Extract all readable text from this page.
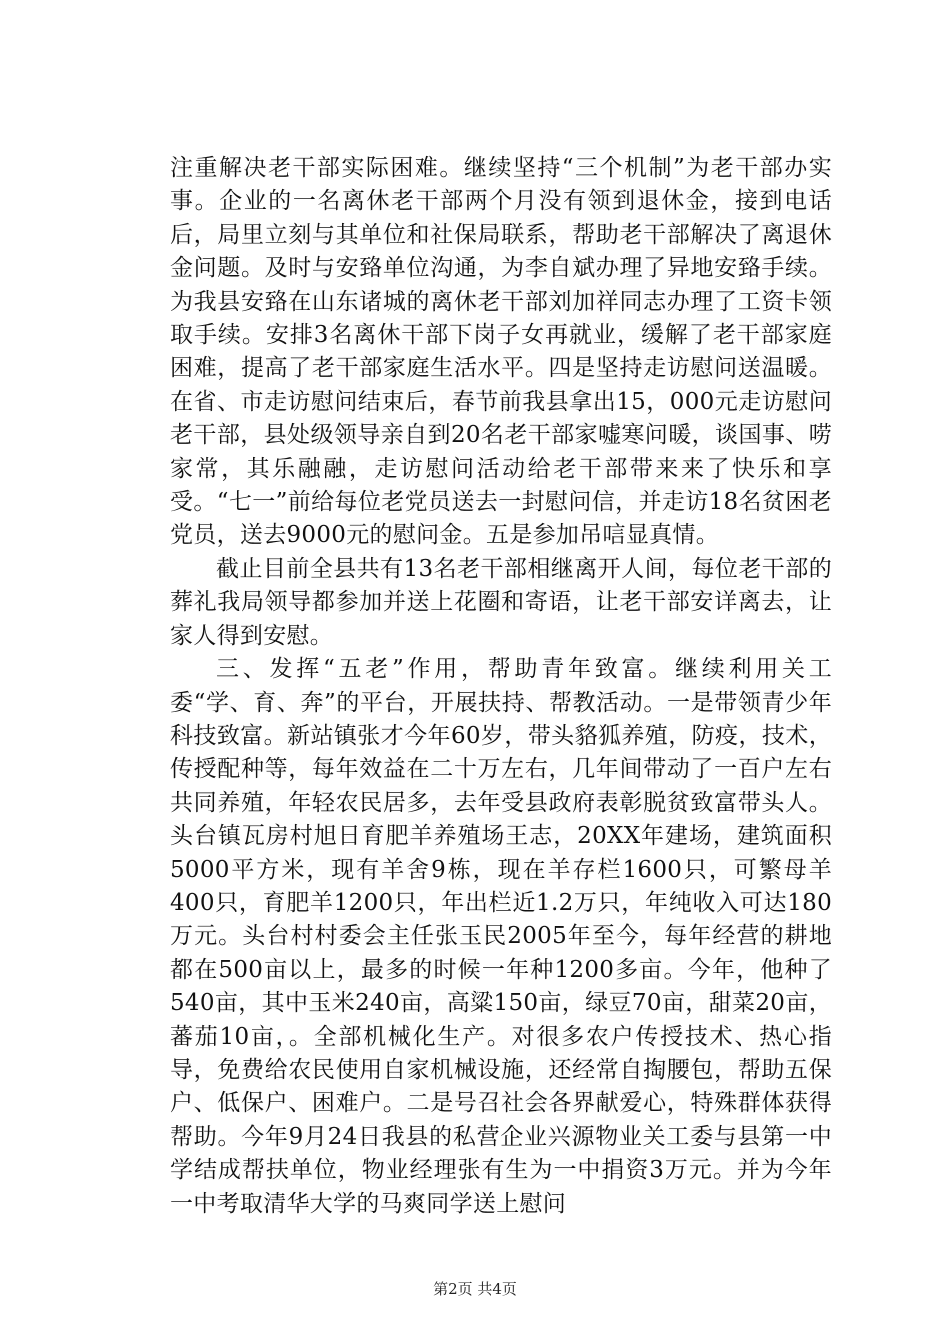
注重解决老干部实际困难。继续坚持“三个机制”为老干部办实事。企业的一名离休老干部两个月没有领到退休金，接到电话后，局里立刻与其单位和社保局联系，帮助老干部解决了离退休金问题。及时与安臵单位沟通，为李自斌办理了异地安臵手续。为我县安臵在山东诸城的离休老干部刘加祥同志办理了工资卡领取手续。安排3名离休干部下岗子女再就业，缓解了老干部家庭困难，提高了老干部家庭生活水平。四是坚持走访慰问送温暖。在省、市走访慰问结束后，春节前我县拿出15，000元走访慰问老干部，县处级领导亲自到20名老干部家嘘寒问暖，谈国事、唠家常，其乐融融，走访慰问活动给老干部带来来了快乐和享受。“七一”前给每位老党员送去一封慰问信，并走访18名贫困老党员，送去9000元的慰问金。五是参加吊唁显真情。

截止目前全县共有13名老干部相继离开人间，每位老干部的葬礼我局领导都参加并送上花圈和寄语，让老干部安详离去，让家人得到安慰。

三、发挥“五老”作用，帮助青年致富。继续利用关工委“学、育、奔”的平台，开展扶持、帮教活动。一是带领青少年科技致富。新站镇张才今年60岁，带头貉狐养殖，防疫，技术，传授配种等，每年效益在二十万左右，几年间带动了一百户左右共同养殖，年轻农民居多，去年受县政府表彰脱贫致富带头人。头台镇瓦房村旭日育肥羊养殖场王志，20XX年建场，建筑面积5000平方米，现有羊舍9栋，现在羊存栏1600只，可繁母羊400只，育肥羊1200只，年出栏近1.2万只，年纯收入可达180万元。头台村村委会主任张玉民2005年至今，每年经营的耕地都在500亩以上，最多的时候一年种1200多亩。今年，他种了540亩，其中玉米240亩，高粱150亩，绿豆70亩，甜菜20亩，蕃茄10亩，。全部机械化生产。对很多农户传授技术、热心指导，免费给农民使用自家机械设施，还经常自掏腰包，帮助五保户、低保户、困难户。二是号召社会各界献爱心，特殊群体获得帮助。今年9月24日我县的私营企业兴源物业关工委与县第一中学结成帮扶单位，物业经理张有生为一中捐资3万元。并为今年一中考取清华大学的马爽同学送上慰问

第2页 共4页
